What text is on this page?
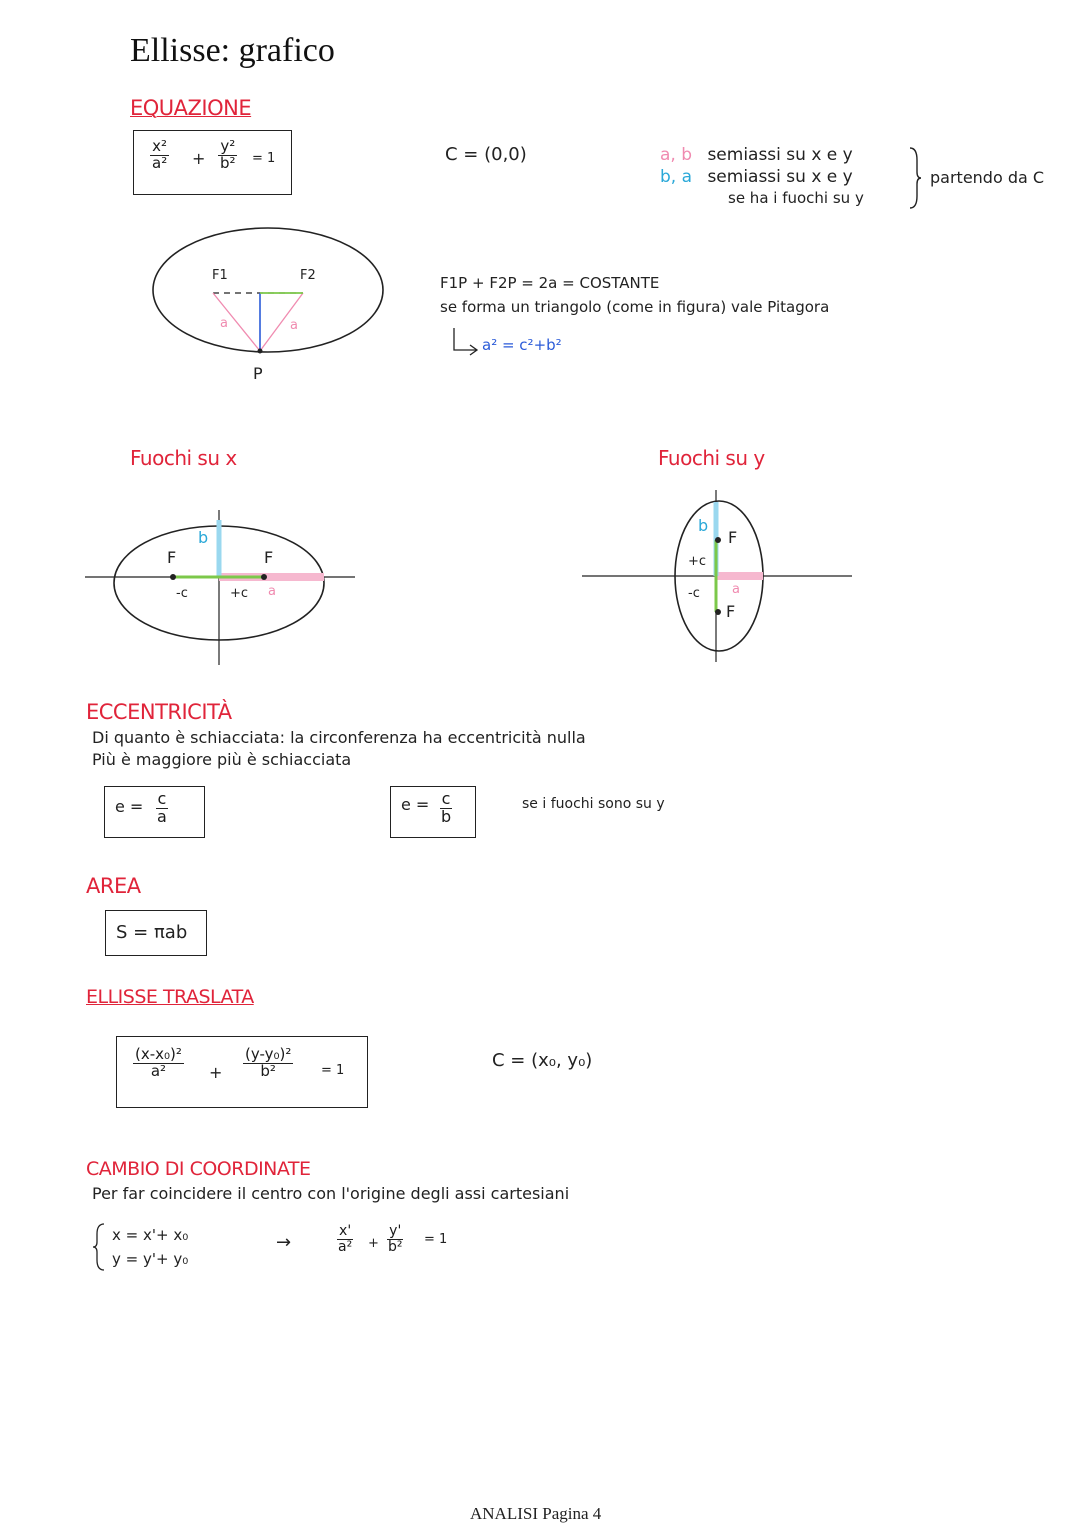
Ellisse: grafico
EQUAZIONE
$\frac{\text{x²}}{\text{a²}} + \frac{\text{y²}}{\text{b²}} = 1$	C = (0,0)	a, b semiassi su x e y
b, a semiassi su x e y
se ha i fuochi su y
partendo da C
F1	F2
a	a
P
F1P + F2P = 2a = COSTANTE
se forma un triangolo (come in figura) vale Pitagora
a² = c²+b²
Fuochi su x
b
F	F
-c	+c a
Fuochi su y
b
F
+c
-c a
F
ECCENTRICITÀ
Di quanto è schiacciata: la circonferenza ha eccentricità nulla
Più è maggiore più è schiacciata
$e = \frac{c}{a}$	$e = \frac{c}{b}$	se i fuochi sono su y
AREA
S = πab
ELLISSE TRASLATA
$\frac{\text{(x-x₀)²}}{\text{a²}} + \frac{\text{(y-y₀)²}}{\text{b²}} = 1$	C = (x₀, y₀)
CAMBIO DI COORDINATE
Per far coincidere il centro con l'origine degli assi cartesiani
x = x'+ x₀
y = y'+ y₀
→	$\frac{x'}{\text{a²}} + \frac{y'}{\text{b²}} = 1$
ANALISI Pagina 4
